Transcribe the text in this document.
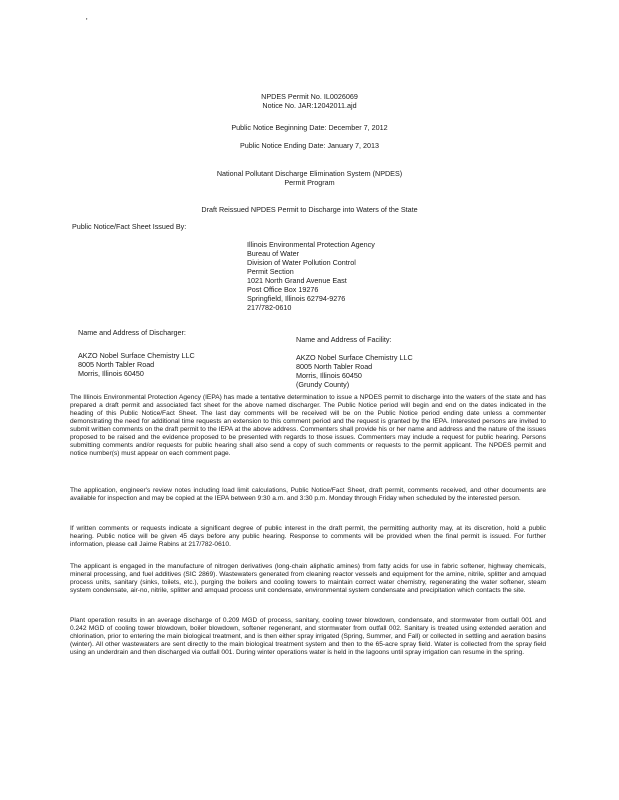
'
NPDES Permit No. IL0026069
Notice No. JAR:12042011.ajd
Public Notice Beginning Date: December 7, 2012
Public Notice Ending Date: January 7, 2013
National Pollutant Discharge Elimination System (NPDES)
Permit Program
Draft Reissued NPDES Permit to Discharge into Waters of the State
Public Notice/Fact Sheet Issued By:
Illinois Environmental Protection Agency
Bureau of Water
Division of Water Pollution Control
Permit Section
1021 North Grand Avenue East
Post Office Box 19276
Springfield, Illinois 62794-9276
217/782-0610
Name and Address of Discharger:
AKZO Nobel Surface Chemistry LLC
8005 North Tabler Road
Morris, Illinois 60450
Name and Address of Facility:
AKZO Nobel Surface Chemistry LLC
8005 North Tabler Road
Morris, Illinois 60450
(Grundy County)
The Illinois Environmental Protection Agency (IEPA) has made a tentative determination to issue a NPDES permit to discharge into the waters of the state and has prepared a draft permit and associated fact sheet for the above named discharger. The Public Notice period will begin and end on the dates indicated in the heading of this Public Notice/Fact Sheet. The last day comments will be received will be on the Public Notice period ending date unless a commenter demonstrating the need for additional time requests an extension to this comment period and the request is granted by the IEPA. Interested persons are invited to submit written comments on the draft permit to the IEPA at the above address. Commenters shall provide his or her name and address and the nature of the issues proposed to be raised and the evidence proposed to be presented with regards to those issues. Commenters may include a request for public hearing. Persons submitting comments and/or requests for public hearing shall also send a copy of such comments or requests to the permit applicant. The NPDES permit and notice number(s) must appear on each comment page.
The application, engineer's review notes including load limit calculations, Public Notice/Fact Sheet, draft permit, comments received, and other documents are available for inspection and may be copied at the IEPA between 9:30 a.m. and 3:30 p.m. Monday through Friday when scheduled by the interested person.
If written comments or requests indicate a significant degree of public interest in the draft permit, the permitting authority may, at its discretion, hold a public hearing. Public notice will be given 45 days before any public hearing. Response to comments will be provided when the final permit is issued. For further information, please call Jaime Rabins at 217/782-0610.
The applicant is engaged in the manufacture of nitrogen derivatives (long-chain aliphatic amines) from fatty acids for use in fabric softener, highway chemicals, mineral processing, and fuel additives (SIC 2869). Wastewaters generated from cleaning reactor vessels and equipment for the amine, nitrile, splitter and amquad process units, sanitary (sinks, toilets, etc.), purging the boilers and cooling towers to maintain correct water chemistry, regenerating the water softener, steam system condensate, air-no, nitrile, splitter and amquad process unit condensate, environmental system condensate and precipitation which contacts the site.
Plant operation results in an average discharge of 0.209 MGD of process, sanitary, cooling tower blowdown, condensate, and stormwater from outfall 001 and 0.242 MGD of cooling tower blowdown, boiler blowdown, softener regenerant, and stormwater from outfall 002. Sanitary is treated using extended aeration and chlorination, prior to entering the main biological treatment, and is then either spray irrigated (Spring, Summer, and Fall) or collected in settling and aeration basins (winter). All other wastewaters are sent directly to the main biological treatment system and then to the 65-acre spray field. Water is collected from the spray field using an underdrain and then discharged via outfall 001. During winter operations water is held in the lagoons until spray irrigation can resume in the spring.
